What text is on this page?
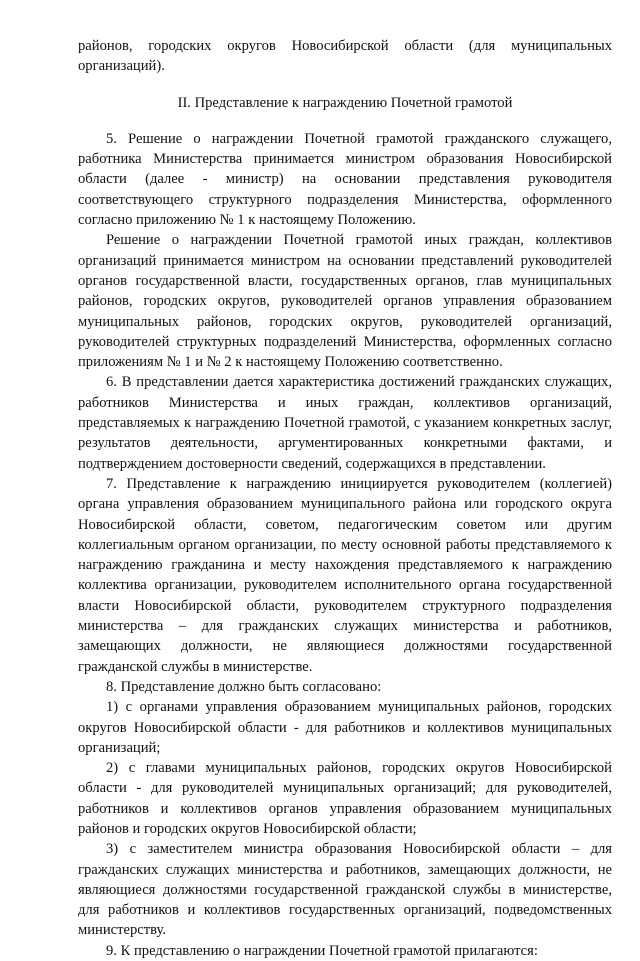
районов, городских округов Новосибирской области (для муниципальных организаций).

II. Представление к награждению Почетной грамотой

5. Решение о награждении Почетной грамотой гражданского служащего, работника Министерства принимается министром образования Новосибирской области (далее - министр) на основании представления руководителя соответствующего структурного подразделения Министерства, оформленного согласно приложению № 1 к настоящему Положению.

Решение о награждении Почетной грамотой иных граждан, коллективов организаций принимается министром на основании представлений руководителей органов государственной власти, государственных органов, глав муниципальных районов, городских округов, руководителей органов управления образованием муниципальных районов, городских округов, руководителей организаций, руководителей структурных подразделений Министерства, оформленных согласно приложениям № 1 и № 2 к настоящему Положению соответственно.

6. В представлении дается характеристика достижений гражданских служащих, работников Министерства и иных граждан, коллективов организаций, представляемых к награждению Почетной грамотой, с указанием конкретных заслуг, результатов деятельности, аргументированных конкретными фактами, и подтверждением достоверности сведений, содержащихся в представлении.

7. Представление к награждению инициируется руководителем (коллегией) органа управления образованием муниципального района или городского округа Новосибирской области, советом, педагогическим советом или другим коллегиальным органом организации, по месту основной работы представляемого к награждению гражданина и месту нахождения представляемого к награждению коллектива организации, руководителем исполнительного органа государственной власти Новосибирской области, руководителем структурного подразделения министерства – для гражданских служащих министерства и работников, замещающих должности, не являющиеся должностями государственной гражданской службы в министерстве.

8. Представление должно быть согласовано:

1) с органами управления образованием муниципальных районов, городских округов Новосибирской области - для работников и коллективов муниципальных организаций;

2) с главами муниципальных районов, городских округов Новосибирской области - для руководителей муниципальных организаций; для руководителей, работников и коллективов органов управления образованием муниципальных районов и городских округов Новосибирской области;

3) с заместителем министра образования Новосибирской области – для гражданских служащих министерства и работников, замещающих должности, не являющиеся должностями государственной гражданской службы в министерстве, для работников и коллективов государственных организаций, подведомственных министерству.

9. К представлению о награждении Почетной грамотой прилагаются:
